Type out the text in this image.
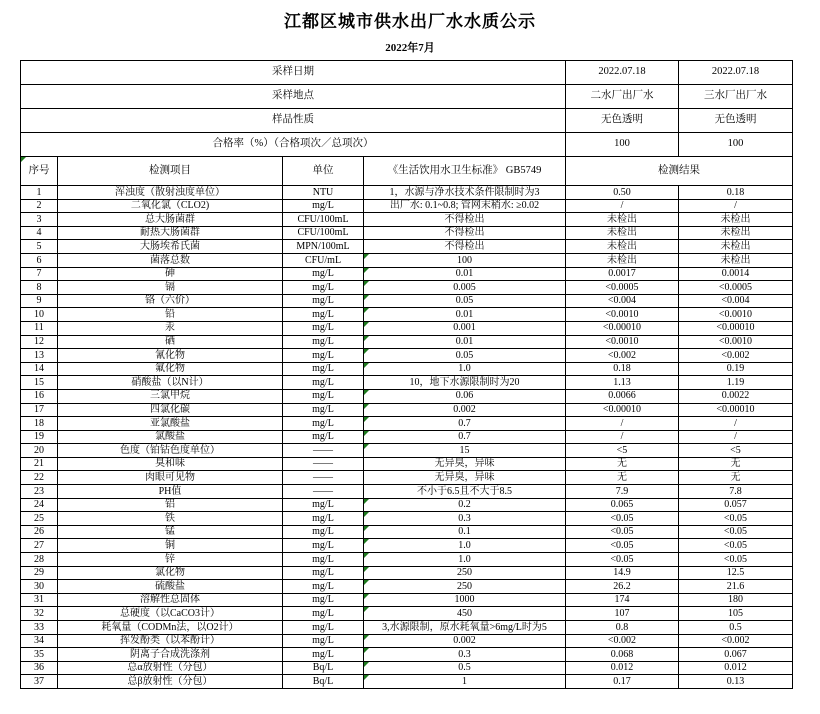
江都区城市供水出厂水水质公示
2022年7月
采样日期				2022.07.18	2022.07.18
采样地点				二水厂出厂水	三水厂出厂水
样品性质				无色透明	无色透明
合格率（%）（合格项次／总项次）				100	100
序号	检测项目	单位	《生活饮用水卫生标准》 GB5749	检测结果	
1	浑浊度（散射浊度单位）	NTU	1，水源与净水技术条件限制时为3	0.50	0.18
2	二氧化氯（CLO2)	mg/L	出厂水: 0.1~0.8; 管网末稍水: ≥0.02	/	/
3	总大肠菌群	CFU/100mL	不得检出	未检出	未检出
4	耐热大肠菌群	CFU/100mL	不得检出	未检出	未检出
5	大肠埃希氏菌	MPN/100mL	不得检出	未检出	未检出
6	菌落总数	CFU/mL	100	未检出	未检出
7	砷	mg/L	0.01	0.0017	0.0014
8	镉	mg/L	0.005	<0.0005	<0.0005
9	铬（六价）	mg/L	0.05	<0.004	<0.004
10	铅	mg/L	0.01	<0.0010	<0.0010
11	汞	mg/L	0.001	<0.00010	<0.00010
12	硒	mg/L	0.01	<0.0010	<0.0010
13	氰化物	mg/L	0.05	<0.002	<0.002
14	氟化物	mg/L	1.0	0.18	0.19
15	硝酸盐（以N计）	mg/L	10，地下水源限制时为20	1.13	1.19
16	三氯甲烷	mg/L	0.06	0.0066	0.0022
17	四氯化碳	mg/L	0.002	<0.00010	<0.00010
18	亚氯酸盐	mg/L	0.7	/	/
19	氯酸盐	mg/L	0.7	/	/
20	色度（铂钴色度单位）	——	15	<5	<5
21	臭和味	——	无异臭，异味	无	无
22	肉眼可见物	——	无异臭，异味	无	无
23	PH值	——	不小于6.5且不大于8.5	7.9	7.8
24	铝	mg/L	0.2	0.065	0.057
25	铁	mg/L	0.3	<0.05	<0.05
26	锰	mg/L	0.1	<0.05	<0.05
27	铜	mg/L	1.0	<0.05	<0.05
28	锌	mg/L	1.0	<0.05	<0.05
29	氯化物	mg/L	250	14.9	12.5
30	硫酸盐	mg/L	250	26.2	21.6
31	溶解性总固体	mg/L	1000	174	180
32	总硬度（以CaCO3计）	mg/L	450	107	105
33	耗氧量（CODMn法，以O2计）	mg/L	3,水源限制，原水耗氧量>6mg/L时为5	0.8	0.5
34	挥发酚类（以苯酚计）	mg/L	0.002	<0.002	<0.002
35	阴离子合成洗涤剂	mg/L	0.3	0.068	0.067
36	总α放射性（分包）	Bq/L	0.5	0.012	0.012
37	总β放射性（分包）	Bq/L	1	0.17	0.13
